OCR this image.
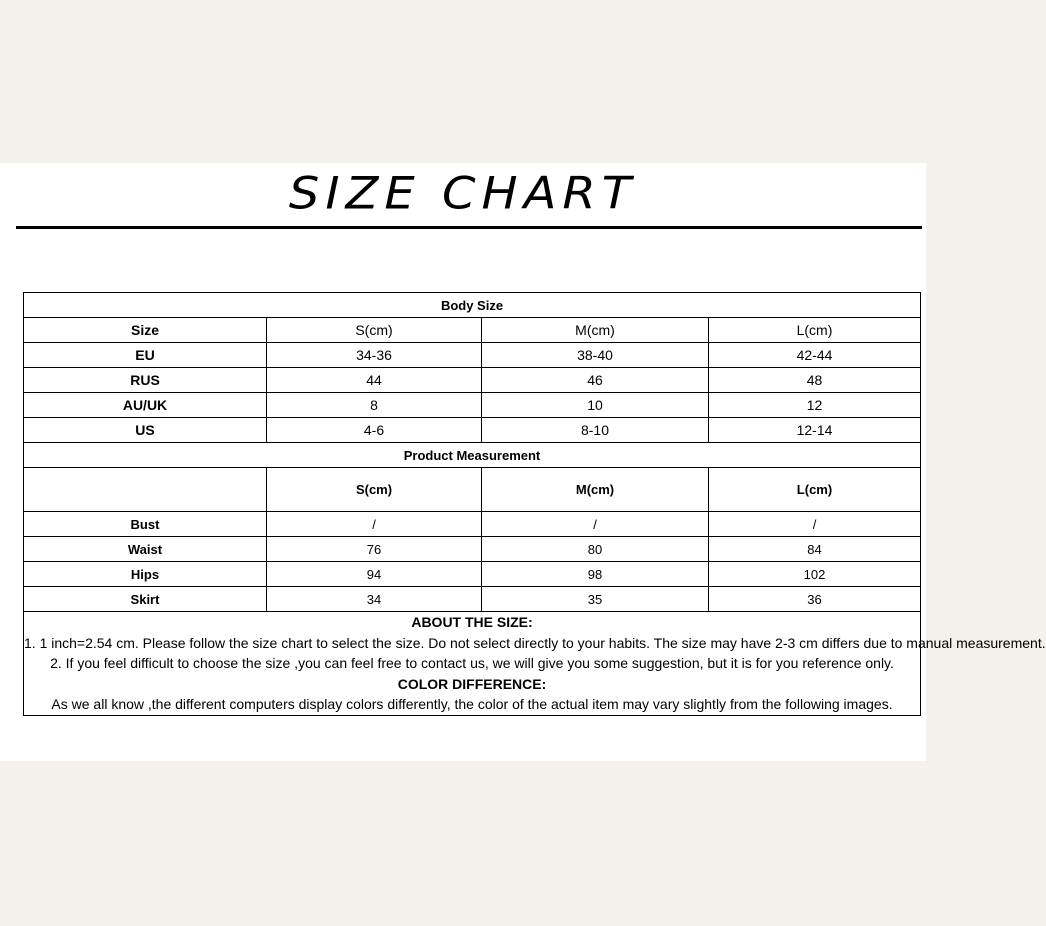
SIZE CHART
Body Size			
Size	S(cm)	M(cm)	L(cm)
EU	34-36	38-40	42-44
RUS	44	46	48
AU/UK	8	10	12
US	4-6	8-10	12-14
Product Measurement			
	S(cm)	M(cm)	L(cm)
Bust	/	/	/
Waist	76	80	84
Hips	94	98	102
Skirt	34	35	36

ABOUT THE SIZE:
1. 1 inch=2.54 cm. Please follow the size chart to select the size. Do not select directly to your habits. The size may have 2-3 cm differs due to manual measurement.
2. If you feel difficult to choose the size ,you can feel free to contact us, we will give you some suggestion, but it is for you reference only.
COLOR DIFFERENCE:
As we all know ,the different computers display colors differently, the color of the actual item may vary slightly from the following images.			
